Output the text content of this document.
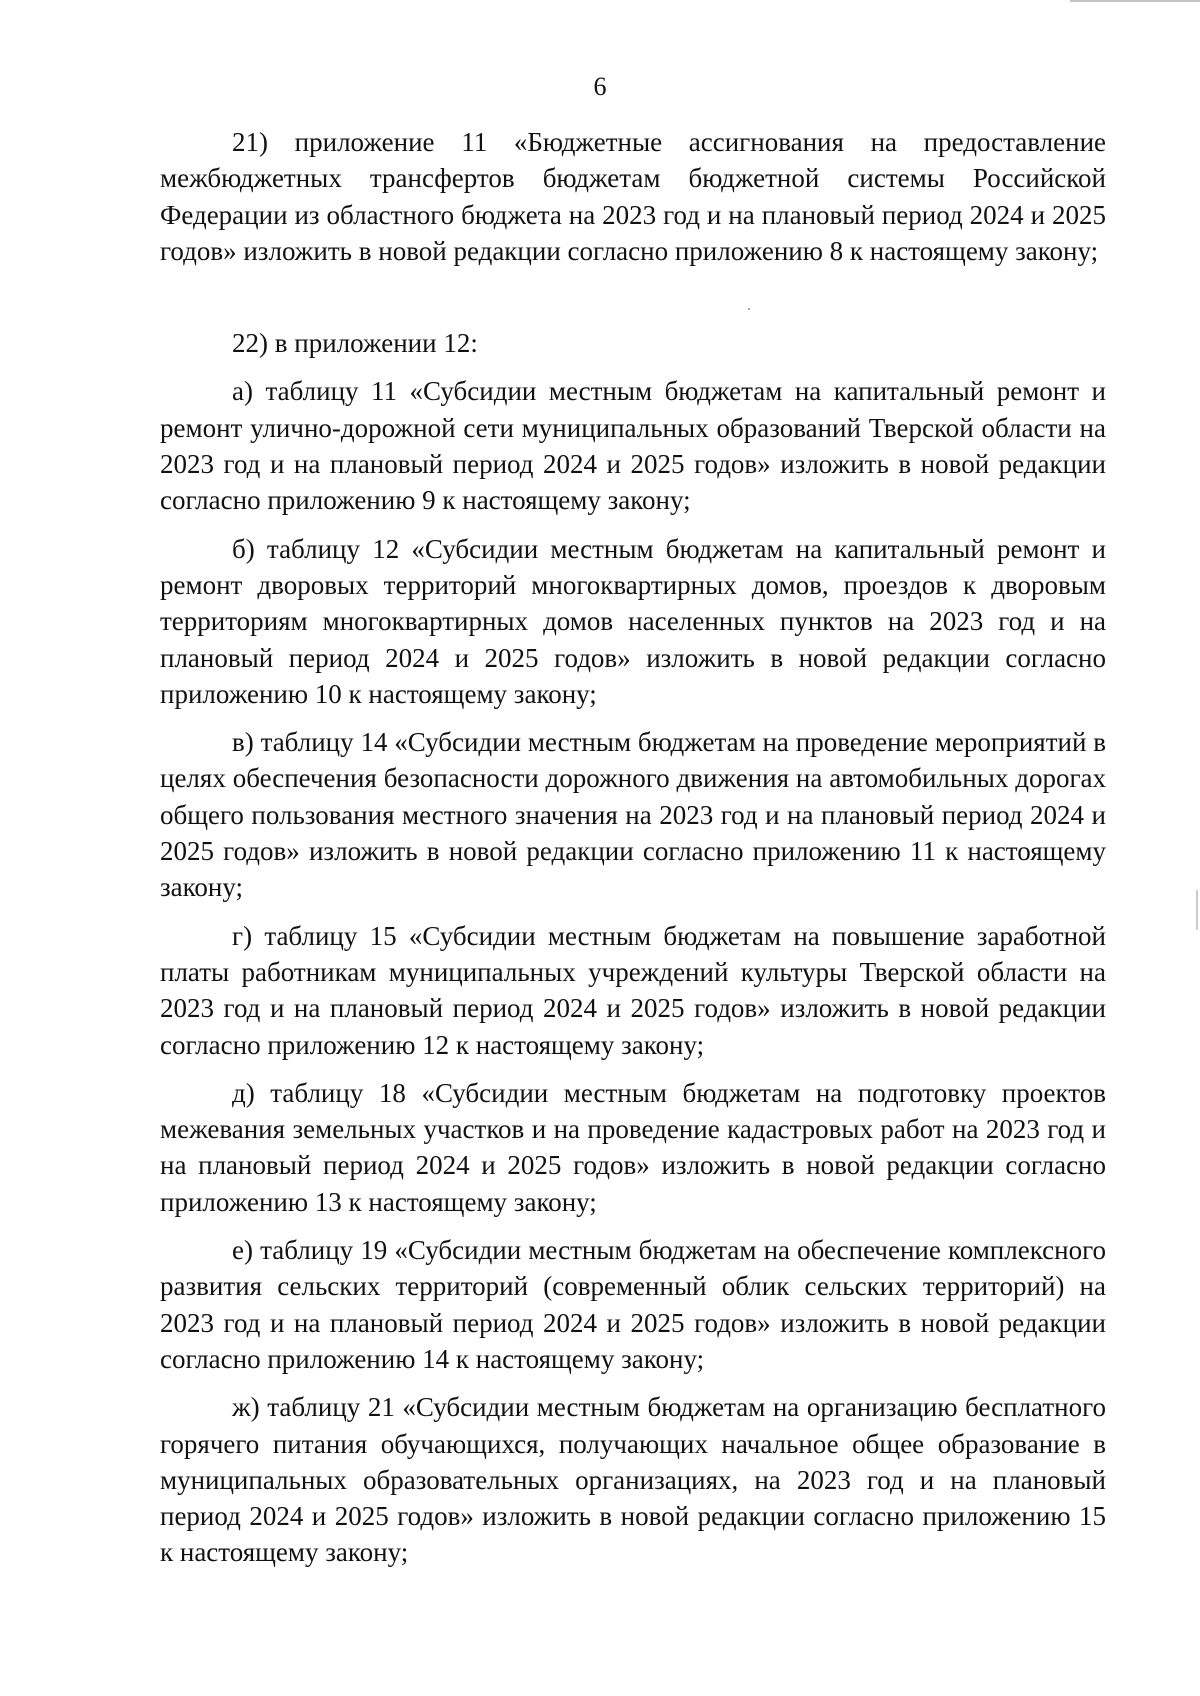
6

21) приложение 11 «Бюджетные ассигнования на предоставление межбюджетных трансфертов бюджетам бюджетной системы Российской Федерации из областного бюджета на 2023 год и на плановый период 2024 и 2025 годов» изложить в новой редакции согласно приложению 8 к настоящему закону;

22) в приложении 12:

а) таблицу 11 «Субсидии местным бюджетам на капитальный ремонт и ремонт улично-дорожной сети муниципальных образований Тверской области на 2023 год и на плановый период 2024 и 2025 годов» изложить в новой редакции согласно приложению 9 к настоящему закону;

б) таблицу 12 «Субсидии местным бюджетам на капитальный ремонт и ремонт дворовых территорий многоквартирных домов, проездов к дворовым территориям многоквартирных домов населенных пунктов на 2023 год и на плановый период 2024 и 2025 годов» изложить в новой редакции согласно приложению 10 к настоящему закону;

в) таблицу 14 «Субсидии местным бюджетам на проведение мероприятий в целях обеспечения безопасности дорожного движения на автомобильных дорогах общего пользования местного значения на 2023 год и на плановый период 2024 и 2025 годов» изложить в новой редакции согласно приложению 11 к настоящему закону;

г) таблицу 15 «Субсидии местным бюджетам на повышение заработной платы работникам муниципальных учреждений культуры Тверской области на 2023 год и на плановый период 2024 и 2025 годов» изложить в новой редакции согласно приложению 12 к настоящему закону;

д) таблицу 18 «Субсидии местным бюджетам на подготовку проектов межевания земельных участков и на проведение кадастровых работ на 2023 год и на плановый период 2024 и 2025 годов» изложить в новой редакции согласно приложению 13 к настоящему закону;

е) таблицу 19 «Субсидии местным бюджетам на обеспечение комплексного развития сельских территорий (современный облик сельских территорий) на 2023 год и на плановый период 2024 и 2025 годов» изложить в новой редакции согласно приложению 14 к настоящему закону;

ж) таблицу 21 «Субсидии местным бюджетам на организацию бесплатного горячего питания обучающихся, получающих начальное общее образование в муниципальных образовательных организациях, на 2023 год и на плановый период 2024 и 2025 годов» изложить в новой редакции согласно приложению 15 к настоящему закону;
